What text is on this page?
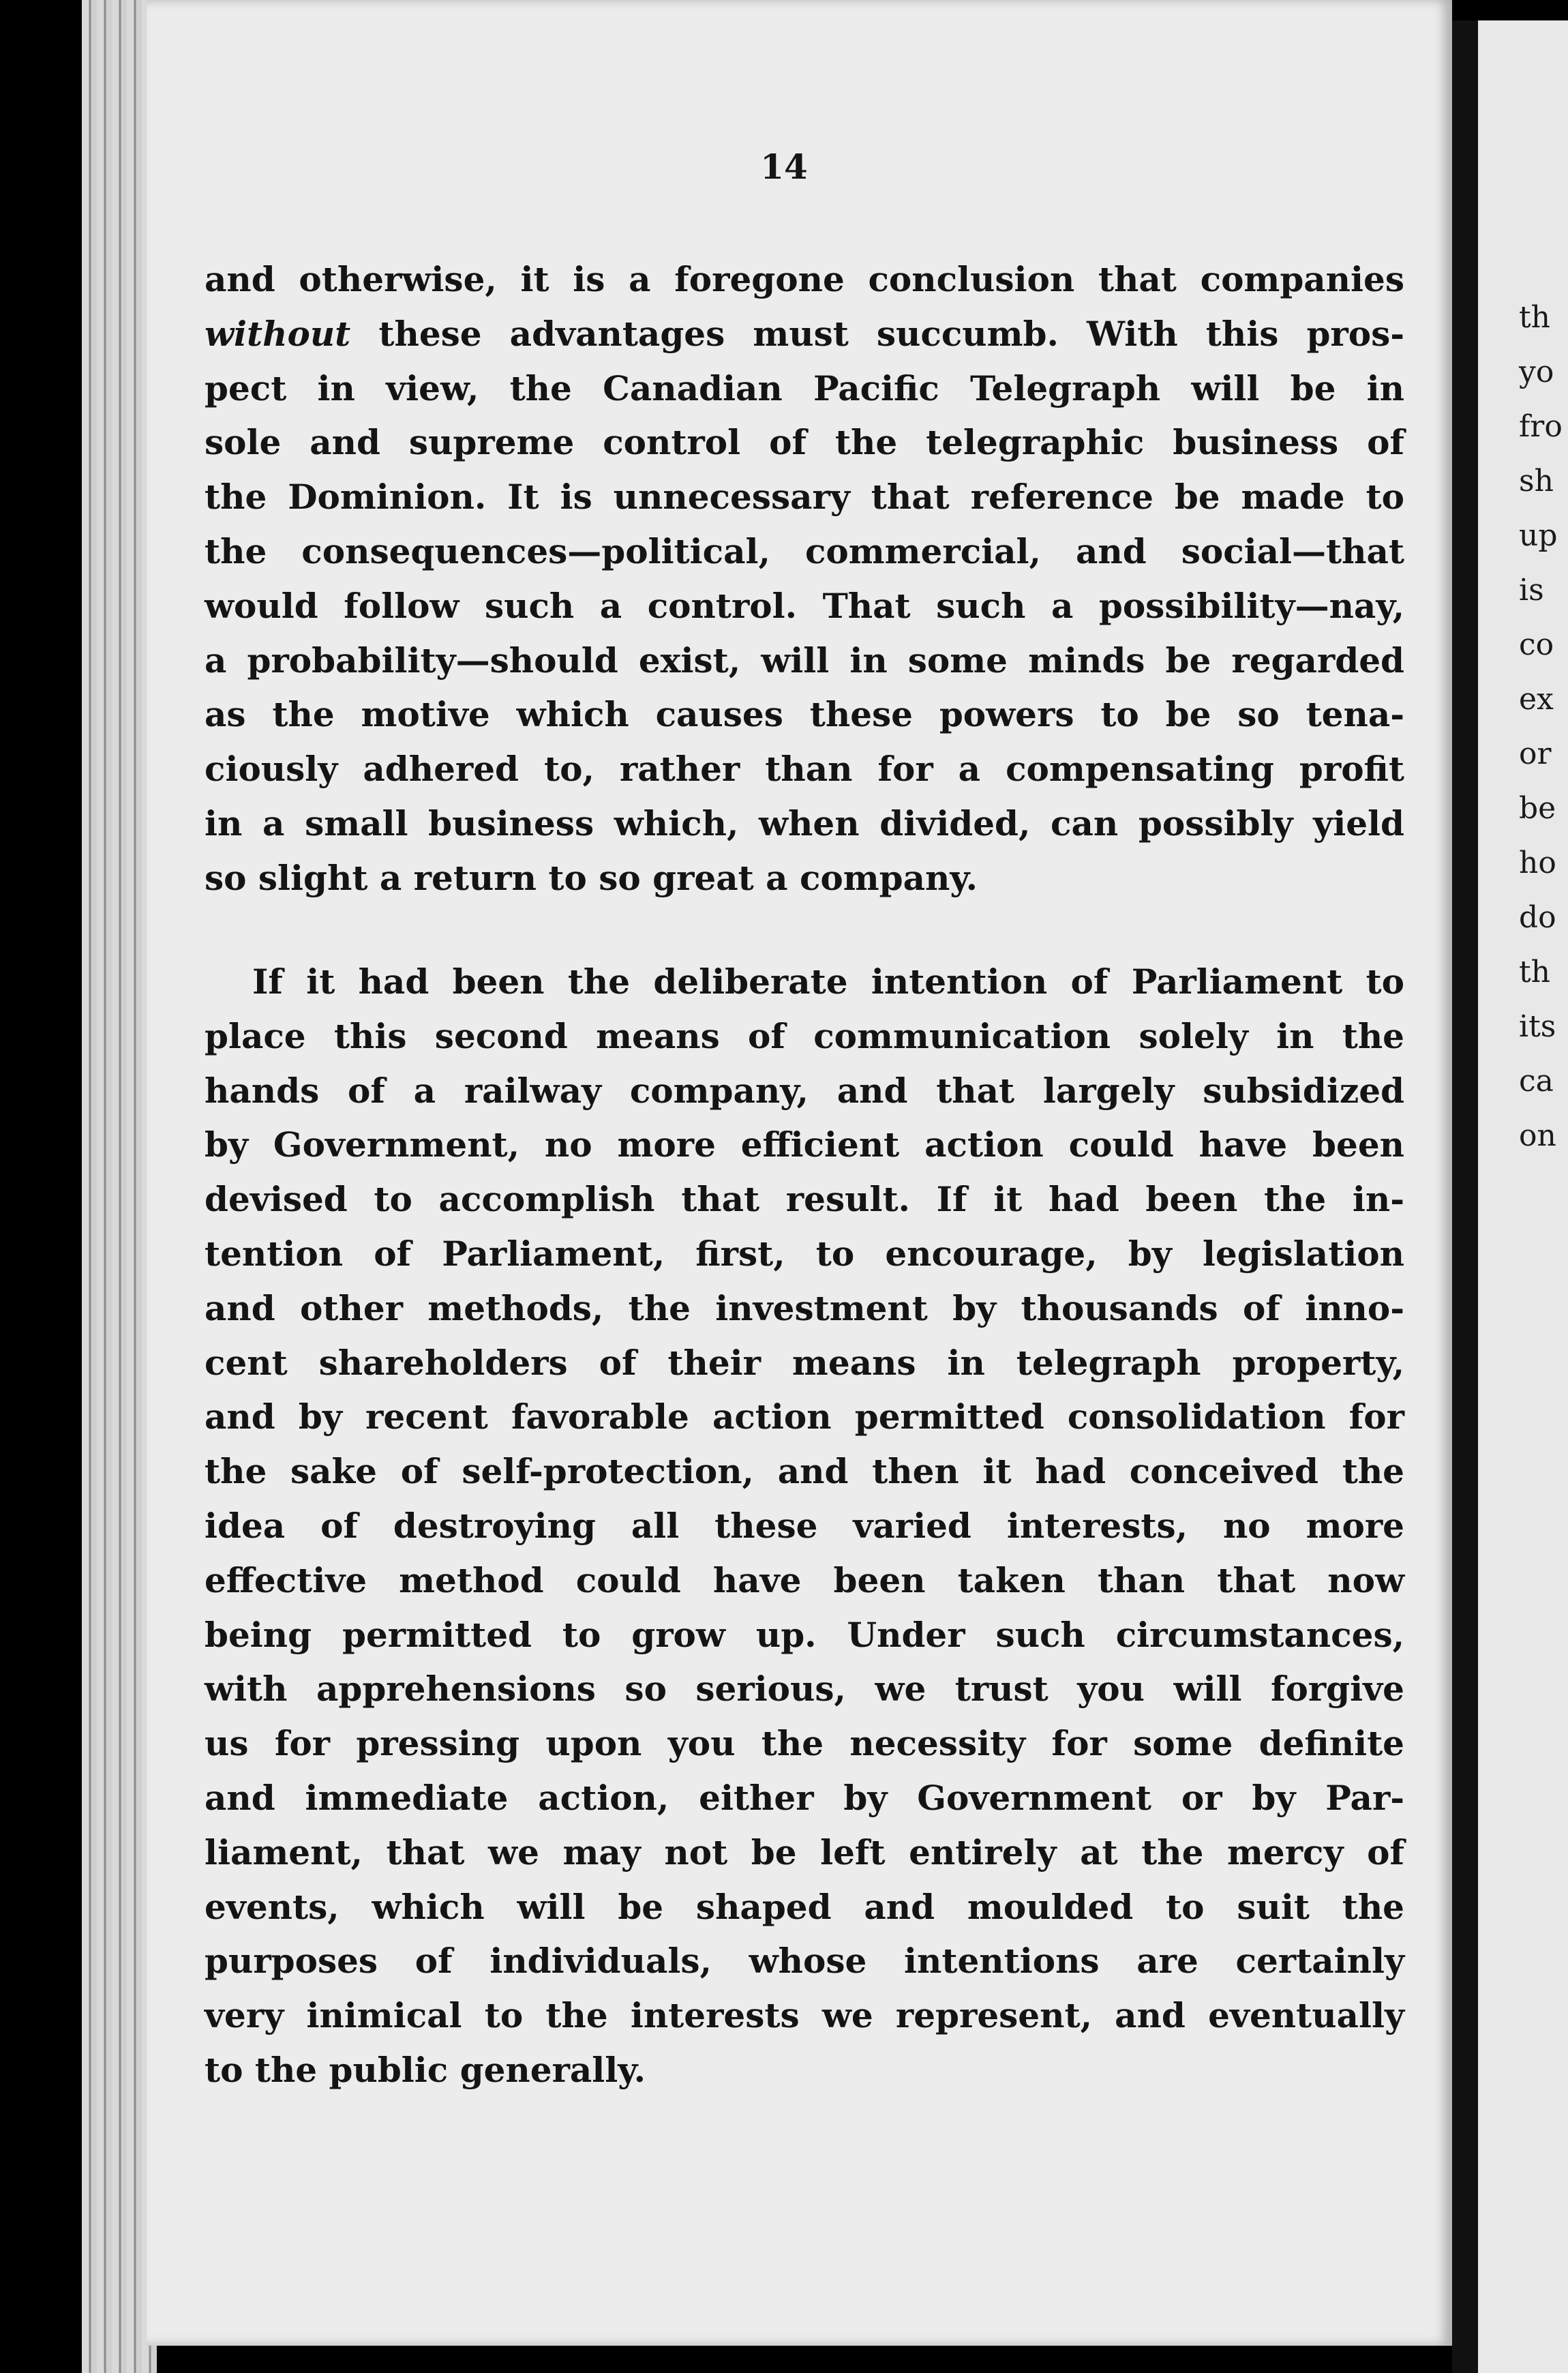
th
yo
fro
sh
up
is
co
ex
or
be
ho
do
th
its
ca
on
14
and otherwise, it is a foregone conclusion that companies
without these advantages must succumb. With this pros-
pect in view, the Canadian Pacific Telegraph will be in
sole and supreme control of the telegraphic business of
the Dominion. It is unnecessary that reference be made to
the consequences—political, commercial, and social—that
would follow such a control. That such a possibility—nay,
a probability—should exist, will in some minds be regarded
as the motive which causes these powers to be so tena-
ciously adhered to, rather than for a compensating profit
in a small business which, when divided, can possibly yield
so slight a return to so great a company.
If it had been the deliberate intention of Parliament to
place this second means of communication solely in the
hands of a railway company, and that largely subsidized
by Government, no more efficient action could have been
devised to accomplish that result. If it had been the in-
tention of Parliament, first, to encourage, by legislation
and other methods, the investment by thousands of inno-
cent shareholders of their means in telegraph property,
and by recent favorable action permitted consolidation for
the sake of self-protection, and then it had conceived the
idea of destroying all these varied interests, no more
effective method could have been taken than that now
being permitted to grow up. Under such circumstances,
with apprehensions so serious, we trust you will forgive
us for pressing upon you the necessity for some definite
and immediate action, either by Government or by Par-
liament, that we may not be left entirely at the mercy of
events, which will be shaped and moulded to suit the
purposes of individuals, whose intentions are certainly
very inimical to the interests we represent, and eventually
to the public generally.
